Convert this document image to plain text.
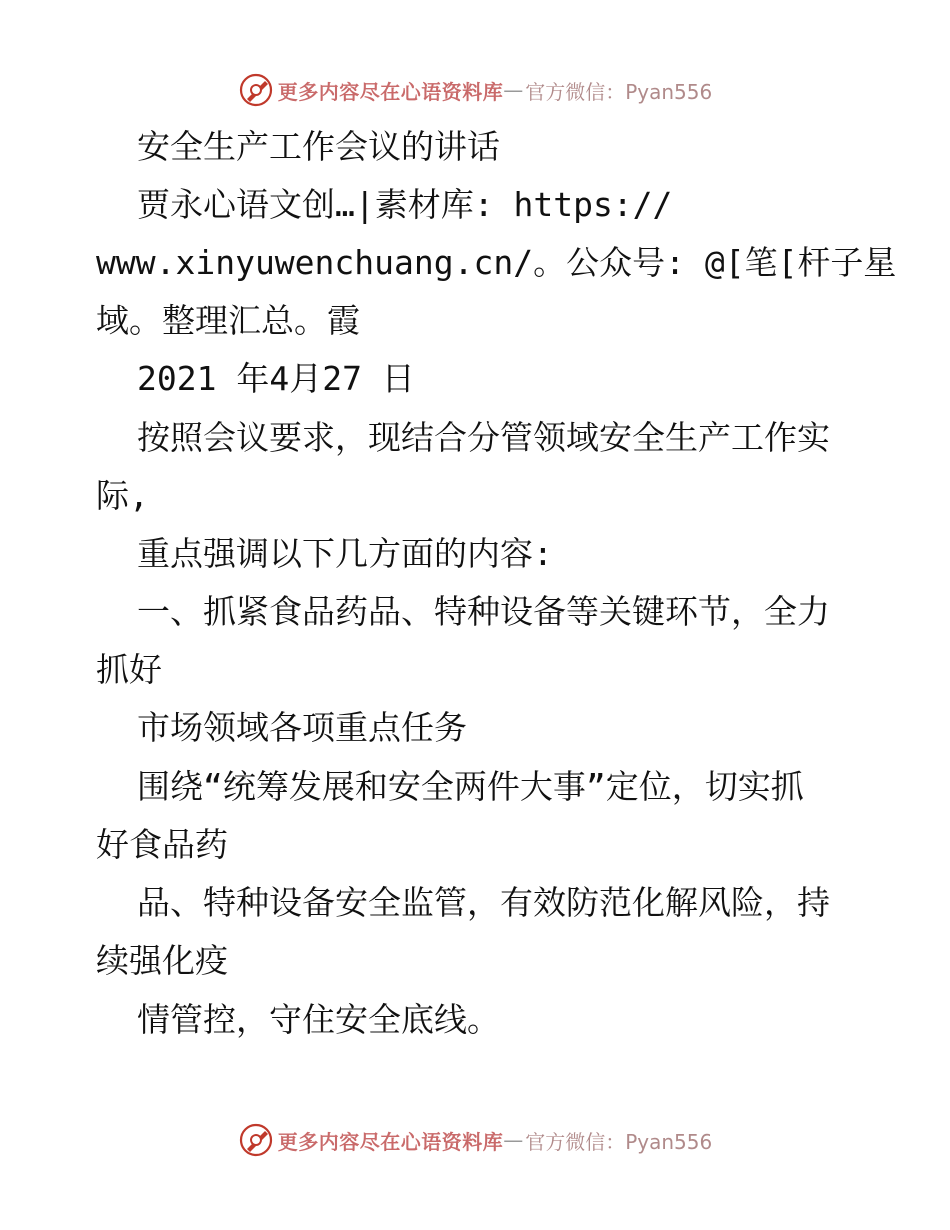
更多内容尽在心语资料库 — 官方微信：Pyan556
安全生产工作会议的讲话
贾永心语文创…|素材库: https://
www.xinyuwenchuang.cn/。公众号: @[笔[杆子星
域。整理汇总。霞
2021 年4月27 日
按照会议要求，现结合分管领域安全生产工作实
际,
重点强调以下几方面的内容:
一、抓紧食品药品、特种设备等关键环节，全力
抓好
市场领域各项重点任务
围绕“统筹发展和安全两件大事”定位，切实抓
好食品药
品、特种设备安全监管，有效防范化解风险，持
续强化疫
情管控，守住安全底线。
更多内容尽在心语资料库 — 官方微信：Pyan556
